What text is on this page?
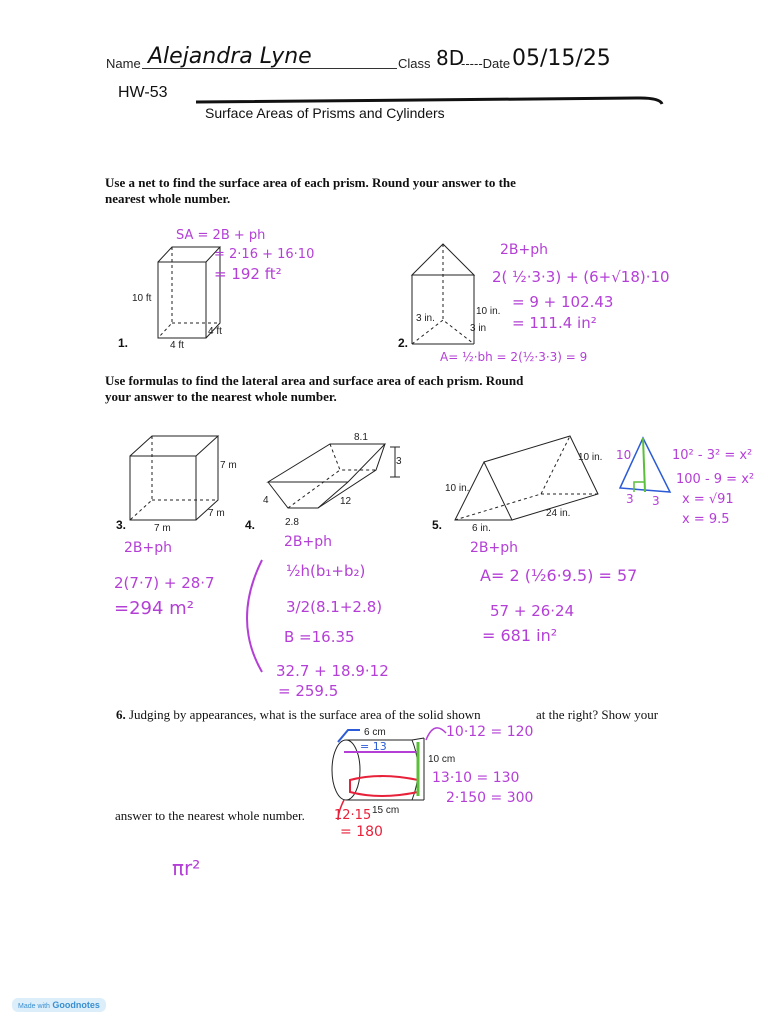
Name Alejandra Lyne	Class 8D
-----Date 05/15/25
HW-53
Surface Areas of Prisms and Cylinders
Use a net to find the surface area of each prism. Round your answer to the
nearest whole number.
10 ft
4 ft
4 ft
1.
SA = 2B + ph
= 2·16 + 16·10
= 192 ft²
10 in.
3 in.
3 in
2.
2B+ph
2( ½·3·3) + (6+√18)·10
= 9 + 102.43
= 111.4 in²
A= ½·bh = 2(½·3·3) = 9
Use formulas to find the lateral area and surface area of each prism. Round
your answer to the nearest whole number.
7 m
7 m
7 m
3.
2B+ph
2(7·7) + 28·7
=294 m²
8.1
3
4	12
2.8
4.
2B+ph
½h(b₁+b₂)
3/2(8.1+2.8)
B =16.35
32.7 + 18.9·12
= 259.5
10 in.
10 in.
24 in.
6 in.
5.
10
3 3
10² - 3² = x²
100 - 9 = x²
x = √91
x = 9.5
2B+ph
A= 2 (½6·9.5) = 57
57 + 26·24
= 681 in²
6. Judging by appearances, what is the surface area of the solid shown	at the right? Show your
answer to the nearest whole number.
6 cm
10 cm
15 cm
= 13
10·12 = 120
13·10 = 130
2·150 = 300
12·15
= 180
πr²
Made with Goodnotes
